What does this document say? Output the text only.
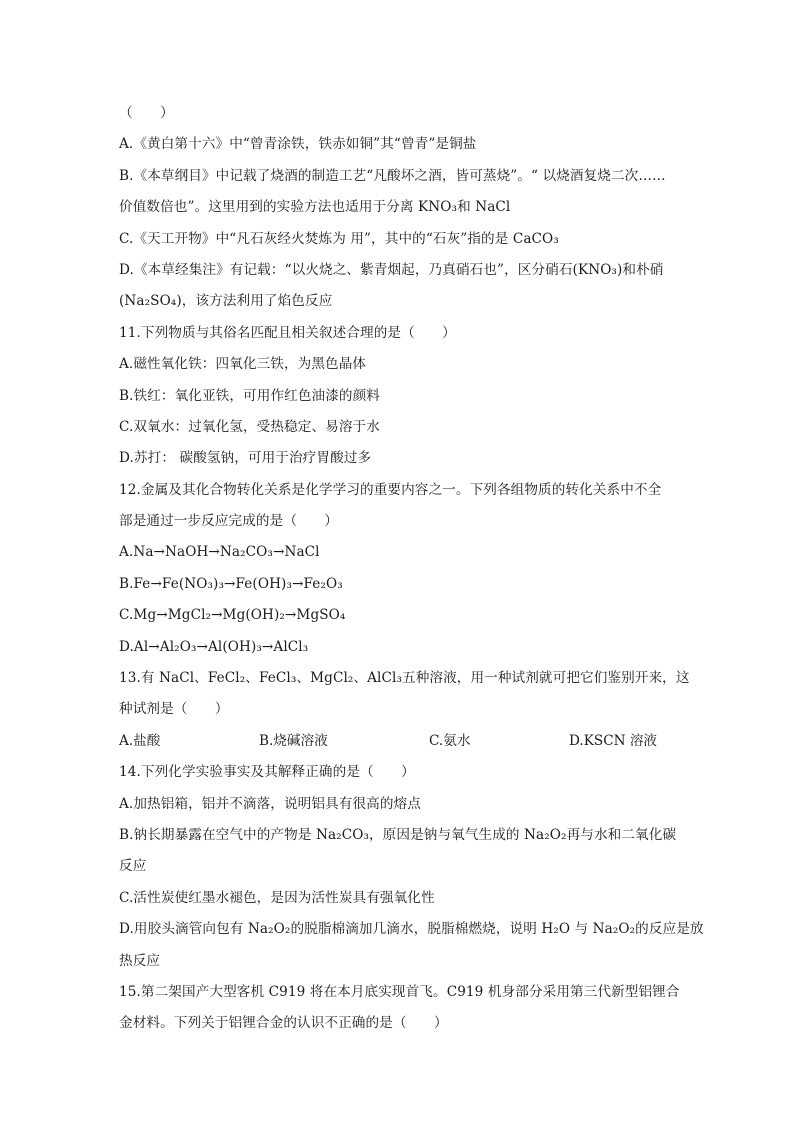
（　　）
A.《黄白第十六》中“曾青涂铁，铁赤如铜”其“曾青”是铜盐
B.《本草纲目》中记载了烧酒的制造工艺“凡酸坏之酒，皆可蒸烧”。“ 以烧酒复烧二次……
价值数倍也”。这里用到的实验方法也适用于分离 KNO₃和 NaCl
C.《天工开物》中“凡石灰经火焚炼为 用”，其中的“石灰”指的是 CaCO₃
D.《本草经集注》有记载：“以火烧之、紫青烟起，乃真硝石也”，区分硝石(KNO₃)和朴硝
(Na₂SO₄)，该方法利用了焰色反应
11.下列物质与其俗名匹配且相关叙述合理的是（　　）
A.磁性氧化铁：四氧化三铁，为黑色晶体
B.铁红：氧化亚铁，可用作红色油漆的颜料
C.双氧水：过氧化氢，受热稳定、易溶于水
D.苏打： 碳酸氢钠，可用于治疗胃酸过多
12.金属及其化合物转化关系是化学学习的重要内容之一。下列各组物质的转化关系中不全
部是通过一步反应完成的是（　　）
A.Na→NaOH→Na₂CO₃→NaCl
B.Fe→Fe(NO₃)₃→Fe(OH)₃→Fe₂O₃
C.Mg→MgCl₂→Mg(OH)₂→MgSO₄
D.Al→Al₂O₃→Al(OH)₃→AlCl₃
13.有 NaCl、FeCl₂、FeCl₃、MgCl₂、AlCl₃五种溶液，用一种试剂就可把它们鉴别开来，这
种试剂是（　　）
A.盐酸	B.烧碱溶液	C.氨水	D.KSCN 溶液
14.下列化学实验事实及其解释正确的是（　　）
A.加热铝箱，铝并不滴落，说明铝具有很高的熔点
B.钠长期暴露在空气中的产物是 Na₂CO₃，原因是钠与氧气生成的 Na₂O₂再与水和二氧化碳
反应
C.活性炭使红墨水褪色，是因为活性炭具有强氧化性
D.用胶头滴管向包有 Na₂O₂的脱脂棉滴加几滴水，脱脂棉燃烧，说明 H₂O 与 Na₂O₂的反应是放
热反应
15.第二架国产大型客机 C919 将在本月底实现首飞。C919 机身部分采用第三代新型铝锂合
金材料。下列关于铝锂合金的认识不正确的是（　　）
